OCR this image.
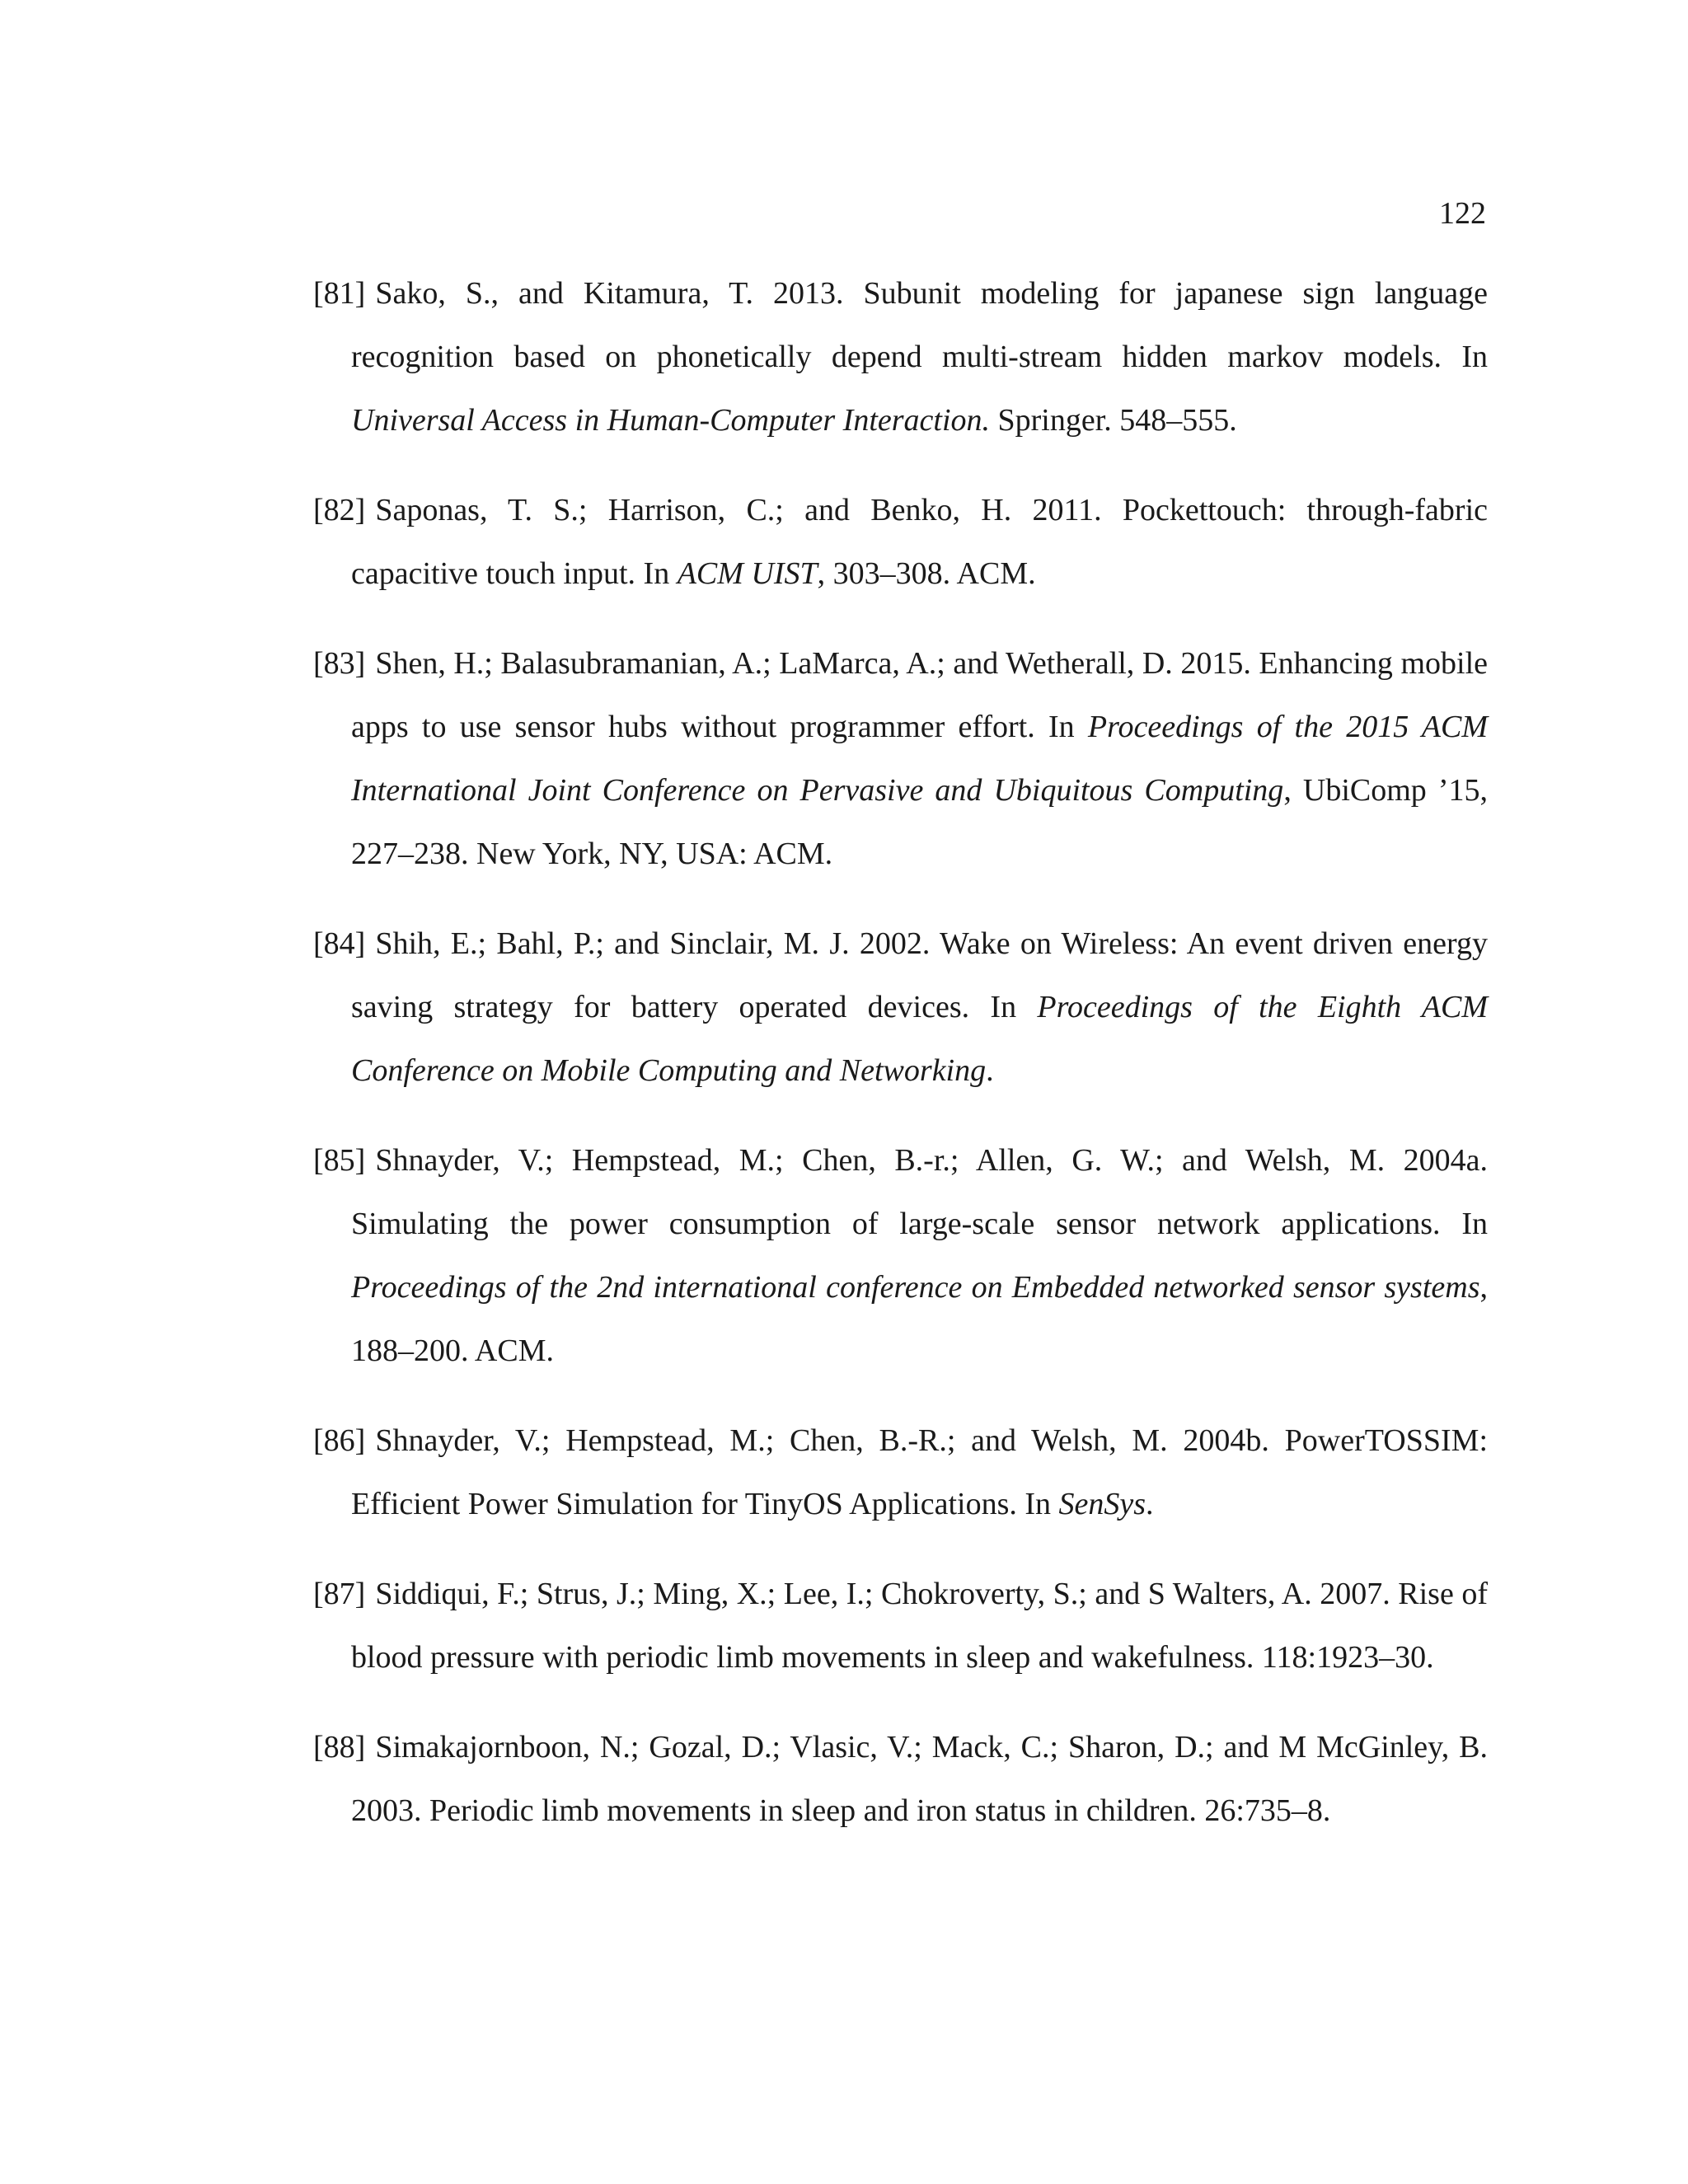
122
[81] Sako, S., and Kitamura, T. 2013. Subunit modeling for japanese sign language recognition based on phonetically depend multi-stream hidden markov models. In Universal Access in Human-Computer Interaction. Springer. 548–555.
[82] Saponas, T. S.; Harrison, C.; and Benko, H. 2011. Pockettouch: through-fabric capacitive touch input. In ACM UIST, 303–308. ACM.
[83] Shen, H.; Balasubramanian, A.; LaMarca, A.; and Wetherall, D. 2015. Enhancing mobile apps to use sensor hubs without programmer effort. In Proceedings of the 2015 ACM International Joint Conference on Pervasive and Ubiquitous Computing, UbiComp ’15, 227–238. New York, NY, USA: ACM.
[84] Shih, E.; Bahl, P.; and Sinclair, M. J. 2002. Wake on Wireless: An event driven energy saving strategy for battery operated devices. In Proceedings of the Eighth ACM Conference on Mobile Computing and Networking.
[85] Shnayder, V.; Hempstead, M.; Chen, B.-r.; Allen, G. W.; and Welsh, M. 2004a. Simulating the power consumption of large-scale sensor network applications. In Proceedings of the 2nd international conference on Embedded networked sensor systems, 188–200. ACM.
[86] Shnayder, V.; Hempstead, M.; Chen, B.-R.; and Welsh, M. 2004b. PowerTOSSIM: Efficient Power Simulation for TinyOS Applications. In SenSys.
[87] Siddiqui, F.; Strus, J.; Ming, X.; Lee, I.; Chokroverty, S.; and S Walters, A. 2007. Rise of blood pressure with periodic limb movements in sleep and wakefulness. 118:1923–30.
[88] Simakajornboon, N.; Gozal, D.; Vlasic, V.; Mack, C.; Sharon, D.; and M McGinley, B. 2003. Periodic limb movements in sleep and iron status in children. 26:735–8.
